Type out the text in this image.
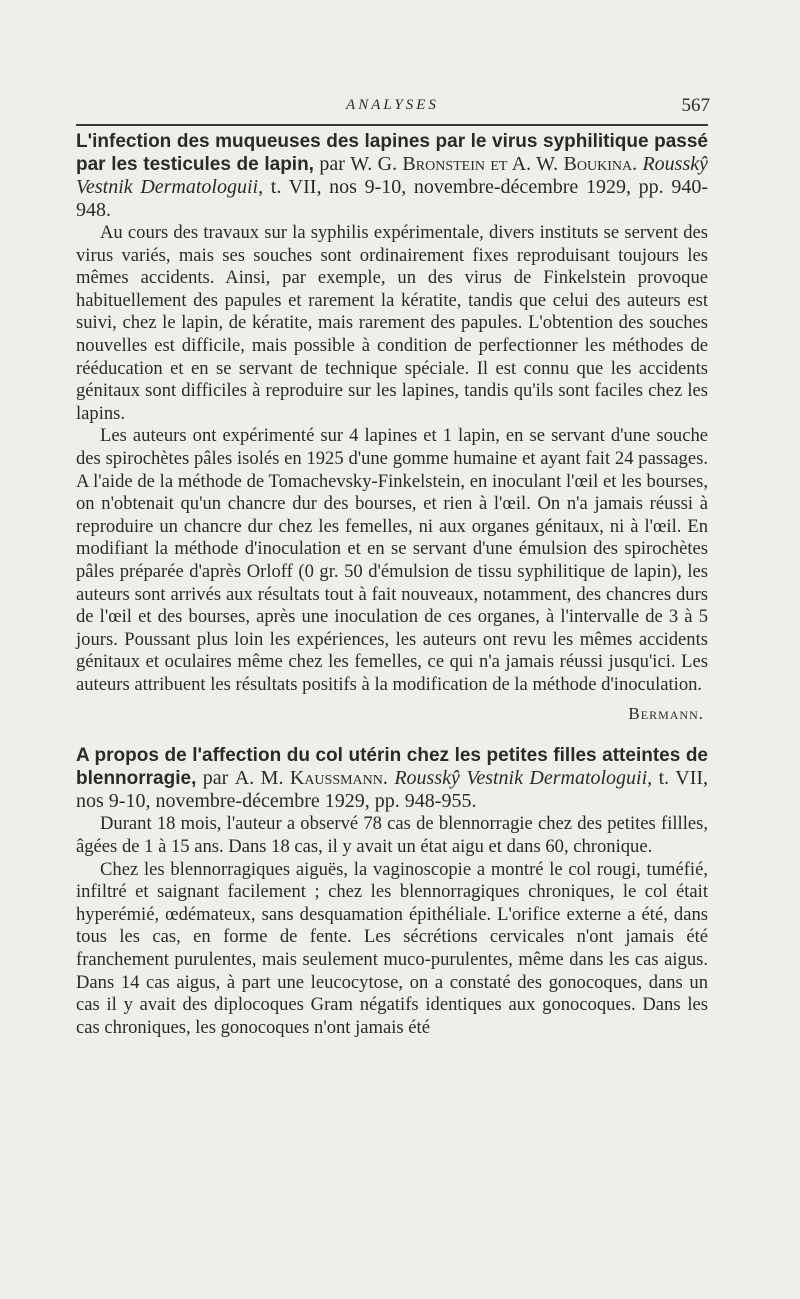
ANALYSES	567

L'infection des muqueuses des lapines par le virus syphilitique passé par les testicules de lapin, par W. G. Bronstein et A. W. Boukina. Rousskŷ Vestnik Dermatologuii, t. VII, nos 9-10, novembre-décembre 1929, pp. 940-948.

Au cours des travaux sur la syphilis expérimentale, divers instituts se servent des virus variés, mais ses souches sont ordinairement fixes reproduisant toujours les mêmes accidents. Ainsi, par exemple, un des virus de Finkelstein provoque habituellement des papules et rarement la kératite, tandis que celui des auteurs est suivi, chez le lapin, de kératite, mais rarement des papules. L'obtention des souches nouvelles est difficile, mais possible à condition de perfectionner les méthodes de rééducation et en se servant de technique spéciale. Il est connu que les accidents génitaux sont difficiles à reproduire sur les lapines, tandis qu'ils sont faciles chez les lapins.

Les auteurs ont expérimenté sur 4 lapines et 1 lapin, en se servant d'une souche des spirochètes pâles isolés en 1925 d'une gomme humaine et ayant fait 24 passages. A l'aide de la méthode de Tomachevsky-Finkelstein, en inoculant l'œil et les bourses, on n'obtenait qu'un chancre dur des bourses, et rien à l'œil. On n'a jamais réussi à reproduire un chancre dur chez les femelles, ni aux organes génitaux, ni à l'œil. En modifiant la méthode d'inoculation et en se servant d'une émulsion des spirochètes pâles préparée d'après Orloff (0 gr. 50 d'émulsion de tissu syphilitique de lapin), les auteurs sont arrivés aux résultats tout à fait nouveaux, notamment, des chancres durs de l'œil et des bourses, après une inoculation de ces organes, à l'intervalle de 3 à 5 jours. Poussant plus loin les expériences, les auteurs ont revu les mêmes accidents génitaux et oculaires même chez les femelles, ce qui n'a jamais réussi jusqu'ici. Les auteurs attribuent les résultats positifs à la modification de la méthode d'inoculation.

Bermann.

A propos de l'affection du col utérin chez les petites filles atteintes de blennorragie, par A. M. Kaussmann. Rousskŷ Vestnik Dermatologuii, t. VII, nos 9-10, novembre-décembre 1929, pp. 948-955.

Durant 18 mois, l'auteur a observé 78 cas de blennorragie chez des petites fillles, âgées de 1 à 15 ans. Dans 18 cas, il y avait un état aigu et dans 60, chronique.

Chez les blennorragiques aiguës, la vaginoscopie a montré le col rougi, tuméfié, infiltré et saignant facilement ; chez les blennorragiques chroniques, le col était hyperémié, œdémateux, sans desquamation épithéliale. L'orifice externe a été, dans tous les cas, en forme de fente. Les sécrétions cervicales n'ont jamais été franchement purulentes, mais seulement muco-purulentes, même dans les cas aigus. Dans 14 cas aigus, à part une leucocytose, on a constaté des gonocoques, dans un cas il y avait des diplocoques Gram négatifs identiques aux gonocoques. Dans les cas chroniques, les gonocoques n'ont jamais été
